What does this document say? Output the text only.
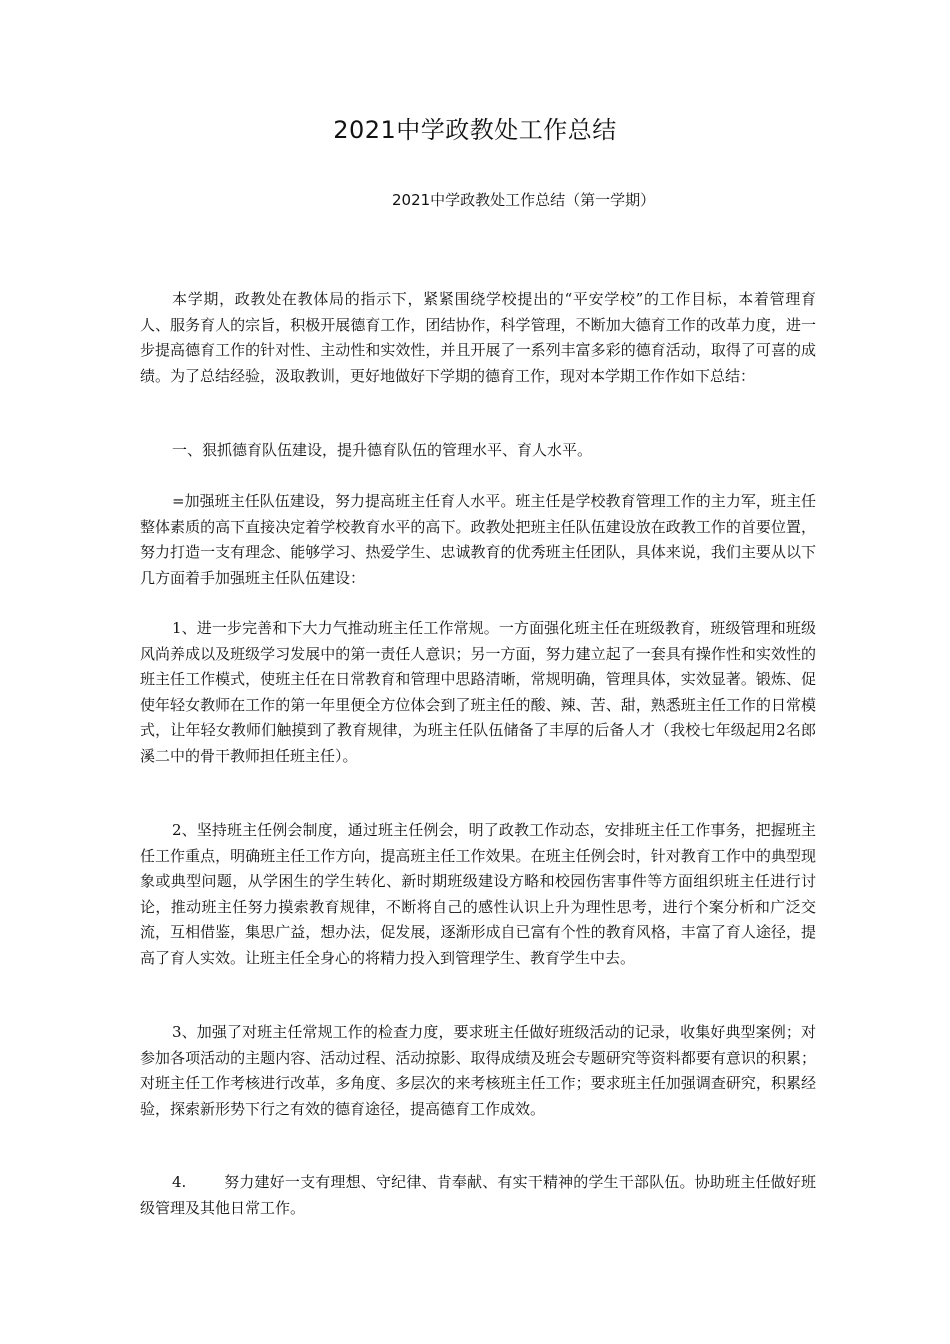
2021中学政教处工作总结
2021中学政教处工作总结（第一学期）

本学期，政教处在教体局的指示下，紧紧围绕学校提出的“平安学校”的工作目标，本着管理育人、服务育人的宗旨，积极开展德育工作，团结协作，科学管理，不断加大德育工作的改革力度，进一步提高德育工作的针对性、主动性和实效性，并且开展了一系列丰富多彩的德育活动，取得了可喜的成绩。为了总结经验，汲取教训，更好地做好下学期的德育工作，现对本学期工作作如下总结：

一、狠抓德育队伍建设，提升德育队伍的管理水平、育人水平。

=加强班主任队伍建设，努力提高班主任育人水平。班主任是学校教育管理工作的主力军，班主任整体素质的高下直接决定着学校教育水平的高下。政教处把班主任队伍建设放在政教工作的首要位置，努力打造一支有理念、能够学习、热爱学生、忠诚教育的优秀班主任团队，具体来说，我们主要从以下几方面着手加强班主任队伍建设：

1、进一步完善和下大力气推动班主任工作常规。一方面强化班主任在班级教育，班级管理和班级风尚养成以及班级学习发展中的第一责任人意识；另一方面，努力建立起了一套具有操作性和实效性的班主任工作模式，使班主任在日常教育和管理中思路清晰，常规明确，管理具体，实效显著。锻炼、促使年轻女教师在工作的第一年里便全方位体会到了班主任的酸、辣、苦、甜，熟悉班主任工作的日常模式，让年轻女教师们触摸到了教育规律，为班主任队伍储备了丰厚的后备人才（我校七年级起用2名郎溪二中的骨干教师担任班主任）。

2、坚持班主任例会制度，通过班主任例会，明了政教工作动态，安排班主任工作事务，把握班主任工作重点，明确班主任工作方向，提高班主任工作效果。在班主任例会时，针对教育工作中的典型现象或典型问题，从学困生的学生转化、新时期班级建设方略和校园伤害事件等方面组织班主任进行讨论，推动班主任努力摸索教育规律，不断将自己的感性认识上升为理性思考，进行个案分析和广泛交流，互相借鉴，集思广益，想办法，促发展，逐渐形成自已富有个性的教育风格，丰富了育人途径，提高了育人实效。让班主任全身心的将精力投入到管理学生、教育学生中去。

3、加强了对班主任常规工作的检查力度，要求班主任做好班级活动的记录，收集好典型案例；对参加各项活动的主题内容、活动过程、活动掠影、取得成绩及班会专题研究等资料都要有意识的积累；对班主任工作考核进行改革，多角度、多层次的来考核班主任工作；要求班主任加强调查研究，积累经验，探索新形势下行之有效的德育途径，提高德育工作成效。

4.	努力建好一支有理想、守纪律、肯奉献、有实干精神的学生干部队伍。协助班主任做好班级管理及其他日常工作。
